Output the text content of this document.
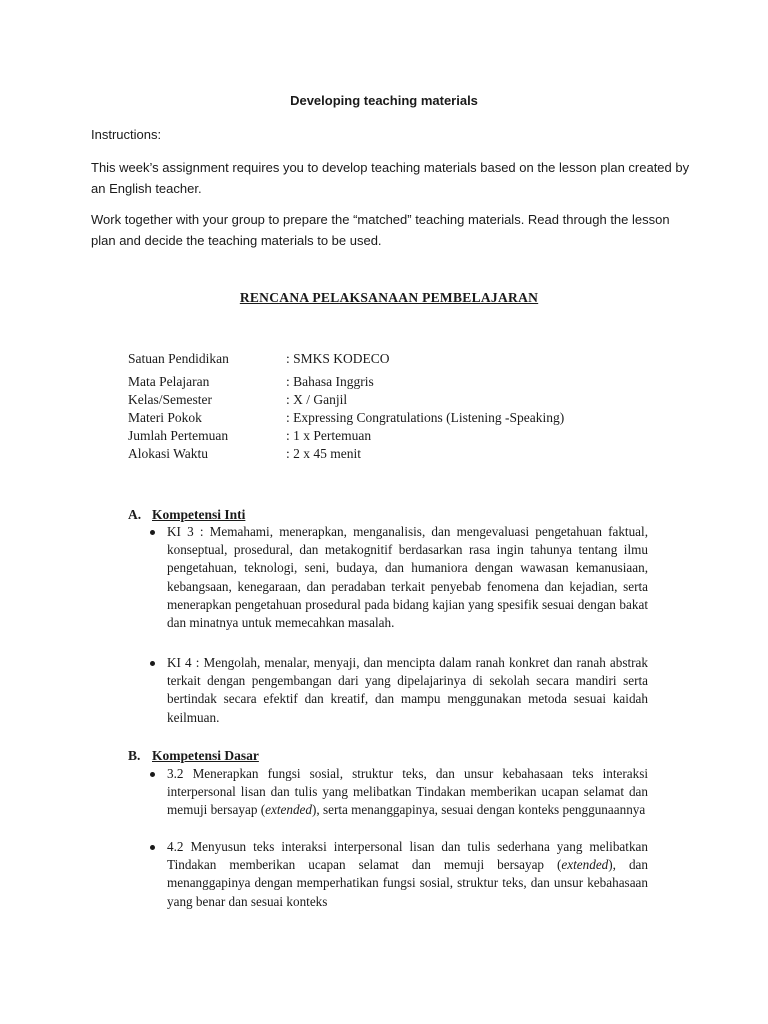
Developing teaching materials
Instructions:
This week’s assignment requires you to develop teaching materials based on the lesson plan created by an English teacher.
Work together with your group to prepare the “matched” teaching materials. Read through the lesson plan and decide the teaching materials to be used.
RENCANA PELAKSANAAN PEMBELAJARAN
Satuan Pendidikan	: SMKS KODECO
Mata Pelajaran	: Bahasa Inggris
Kelas/Semester	: X / Ganjil
Materi Pokok	: Expressing Congratulations (Listening -Speaking)
Jumlah Pertemuan	: 1 x Pertemuan
Alokasi Waktu	: 2 x 45 menit
A. Kompetensi Inti
KI 3 : Memahami, menerapkan, menganalisis, dan mengevaluasi pengetahuan faktual, konseptual, prosedural, dan metakognitif berdasarkan rasa ingin tahunya tentang ilmu pengetahuan, teknologi, seni, budaya, dan humaniora dengan wawasan kemanusiaan, kebangsaan, kenegaraan, dan peradaban terkait penyebab fenomena dan kejadian, serta menerapkan pengetahuan prosedural pada bidang kajian yang spesifik sesuai dengan bakat dan minatnya untuk memecahkan masalah.
KI 4 : Mengolah, menalar, menyaji, dan mencipta dalam ranah konkret dan ranah abstrak terkait dengan pengembangan dari yang dipelajarinya di sekolah secara mandiri serta bertindak secara efektif dan kreatif, dan mampu menggunakan metoda sesuai kaidah keilmuan.
B. Kompetensi Dasar
3.2 Menerapkan fungsi sosial, struktur teks, dan unsur kebahasaan teks interaksi interpersonal lisan dan tulis yang melibatkan Tindakan memberikan ucapan selamat dan memuji bersayap (extended), serta menanggapinya, sesuai dengan konteks penggunaannya
4.2 Menyusun teks interaksi interpersonal lisan dan tulis sederhana yang melibatkan Tindakan memberikan ucapan selamat dan memuji bersayap (extended), dan menanggapinya dengan memperhatikan fungsi sosial, struktur teks, dan unsur kebahasaan yang benar dan sesuai konteks
